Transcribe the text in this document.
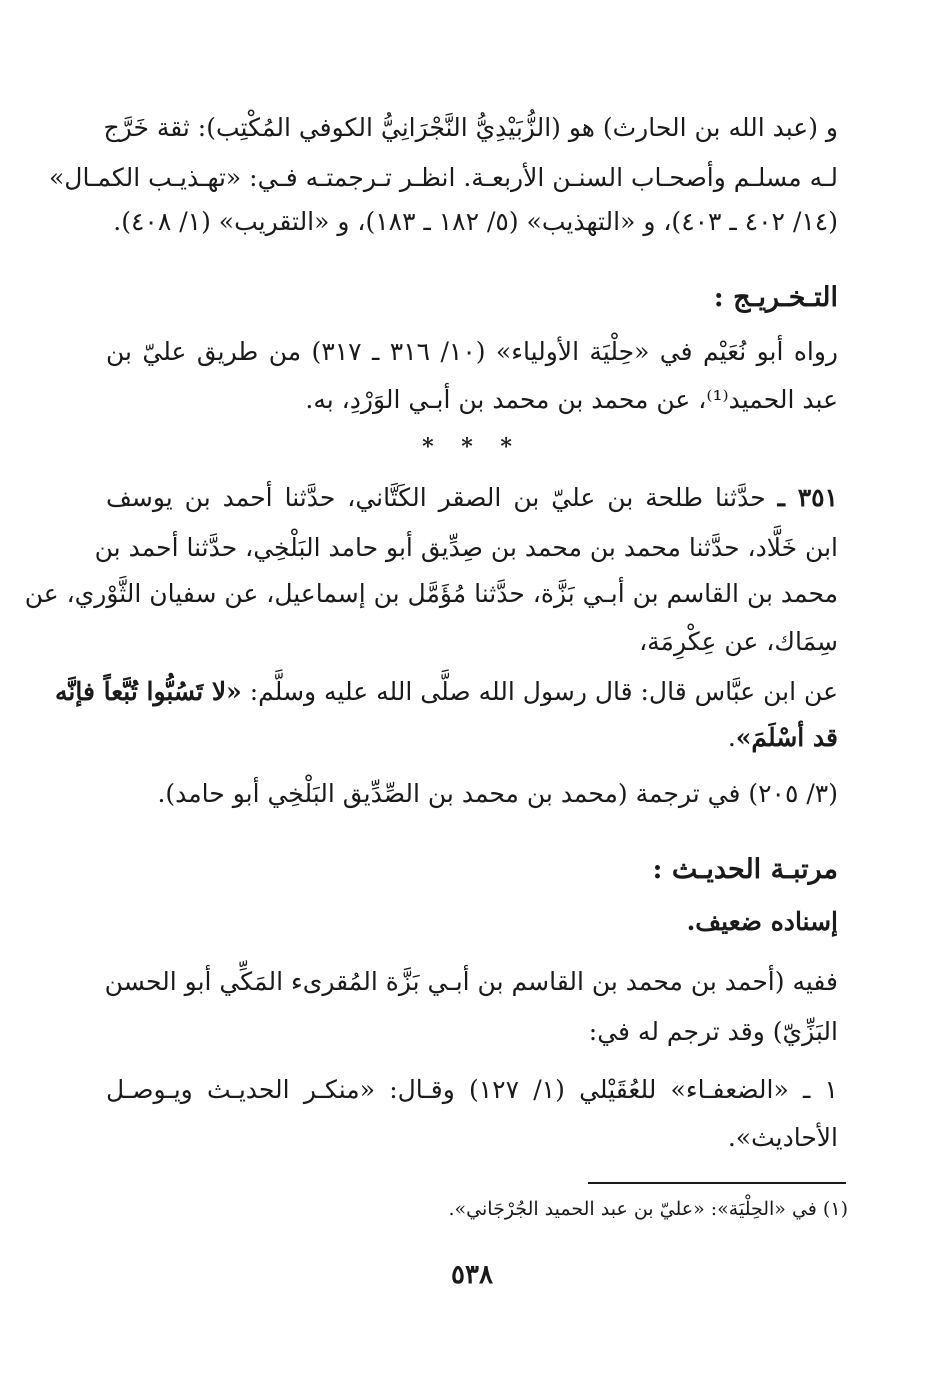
و (عبد الله بن الحارث) هو (الزُّبَيْدِيُّ النَّجْرَانِيُّ الكوفي المُكْتِب): ثقة خَرَّج
لـه مسلـم وأصحـاب السنـن الأربعـة. انظـر تـرجمتـه فـي: «تهـذيـب الكمـال»
(١٤/ ٤٠٢ ـ ٤٠٣)، و «التهذيب» (٥/ ١٨٢ ـ ١٨٣)، و «التقريب» (١/ ٤٠٨).
التـخـريـج :
رواه أبو نُعَيْم في «حِلْيَة الأولياء» (١٠/ ٣١٦ ـ ٣١٧) من طريق عليّ بن
عبد الحميد⁽¹⁾، عن محمد بن محمد بن أبـي الوَرْدِ، به.
* * *
٣٥١ ـ حدَّثنا طلحة بن عليّ بن الصقر الكَتَّاني، حدَّثنا أحمد بن يوسف
ابن خَلَّاد، حدَّثنا محمد بن محمد بن صِدِّيق أبو حامد البَلْخِي، حدَّثنا أحمد بن
محمد بن القاسم بن أبـي بَزَّة، حدَّثنا مُؤَمَّل بن إسماعيل، عن سفيان الثَّوْري، عن
سِمَاك، عن عِكْرِمَة،
عن ابن عبَّاس قال: قال رسول الله صلَّى الله عليه وسلَّم: «لا تَسُبُّوا تُبَّعاً فإنَّه
قد أسْلَمَ».
(٣/ ٢٠٥) في ترجمة (محمد بن محمد بن الصِّدِّيق البَلْخِي أبو حامد).
مرتبـة الحديـث :
إسناده ضعيف.
ففيه (أحمد بن محمد بن القاسم بن أبـي بَزَّة المُقرىء المَكِّي أبو الحسن
البَزِّيّ) وقد ترجم له في:
١ ـ «الضعفـاء» للعُقَيْلي (١/ ١٢٧) وقـال: «منكـر الحديـث ويـوصـل
الأحاديث».
(١) في «الحِلْيَة»: «عليّ بن عبد الحميد الجُرْجَاني».
٥٣٨
